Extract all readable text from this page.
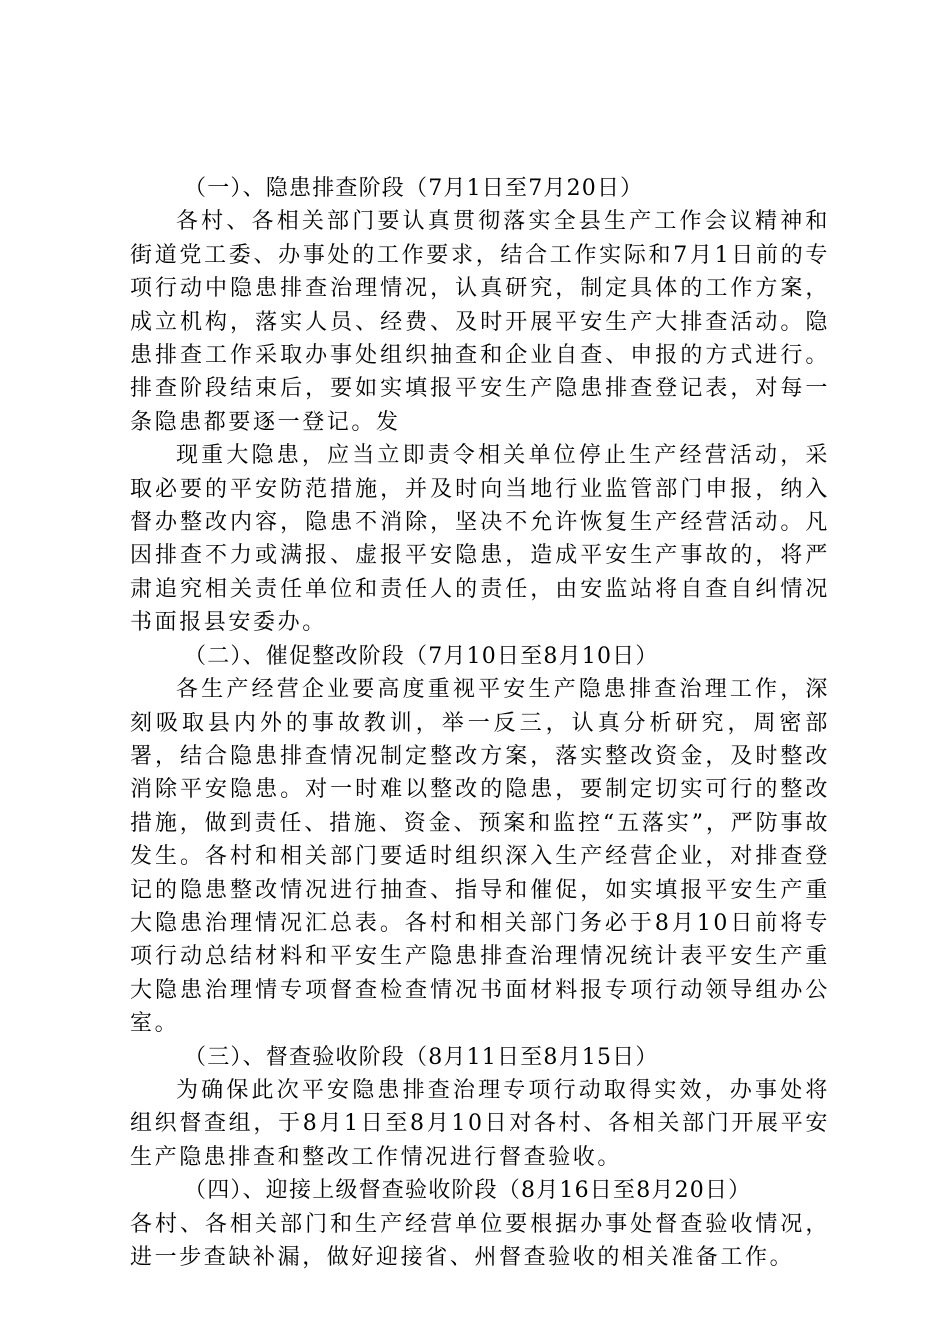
（一）、隐患排查阶段（7月1日至7月20日）

各村、各相关部门要认真贯彻落实全县生产工作会议精神和街道党工委、办事处的工作要求，结合工作实际和7月1日前的专项行动中隐患排查治理情况，认真研究，制定具体的工作方案，成立机构，落实人员、经费、及时开展平安生产大排查活动。隐患排查工作采取办事处组织抽查和企业自查、申报的方式进行。排查阶段结束后，要如实填报平安生产隐患排查登记表，对每一条隐患都要逐一登记。发

现重大隐患，应当立即责令相关单位停止生产经营活动，采取必要的平安防范措施，并及时向当地行业监管部门申报，纳入督办整改内容，隐患不消除，坚决不允许恢复生产经营活动。凡因排查不力或满报、虚报平安隐患，造成平安生产事故的，将严肃追究相关责任单位和责任人的责任，由安监站将自查自纠情况书面报县安委办。

（二）、催促整改阶段（7月10日至8月10日）

各生产经营企业要高度重视平安生产隐患排查治理工作，深刻吸取县内外的事故教训，举一反三，认真分析研究，周密部署，结合隐患排查情况制定整改方案，落实整改资金，及时整改消除平安隐患。对一时难以整改的隐患，要制定切实可行的整改措施，做到责任、措施、资金、预案和监控“五落实”，严防事故发生。各村和相关部门要适时组织深入生产经营企业，对排查登记的隐患整改情况进行抽查、指导和催促，如实填报平安生产重大隐患治理情况汇总表。各村和相关部门务必于8月10日前将专项行动总结材料和平安生产隐患排查治理情况统计表平安生产重大隐患治理情专项督查检查情况书面材料报专项行动领导组办公室。

（三）、督查验收阶段（8月11日至8月15日）

为确保此次平安隐患排查治理专项行动取得实效，办事处将组织督查组，于8月1日至8月10日对各村、各相关部门开展平安生产隐患排查和整改工作情况进行督查验收。

（四）、迎接上级督查验收阶段（8月16日至8月20日）

各村、各相关部门和生产经营单位要根据办事处督查验收情况，进一步查缺补漏，做好迎接省、州督查验收的相关准备工作。
